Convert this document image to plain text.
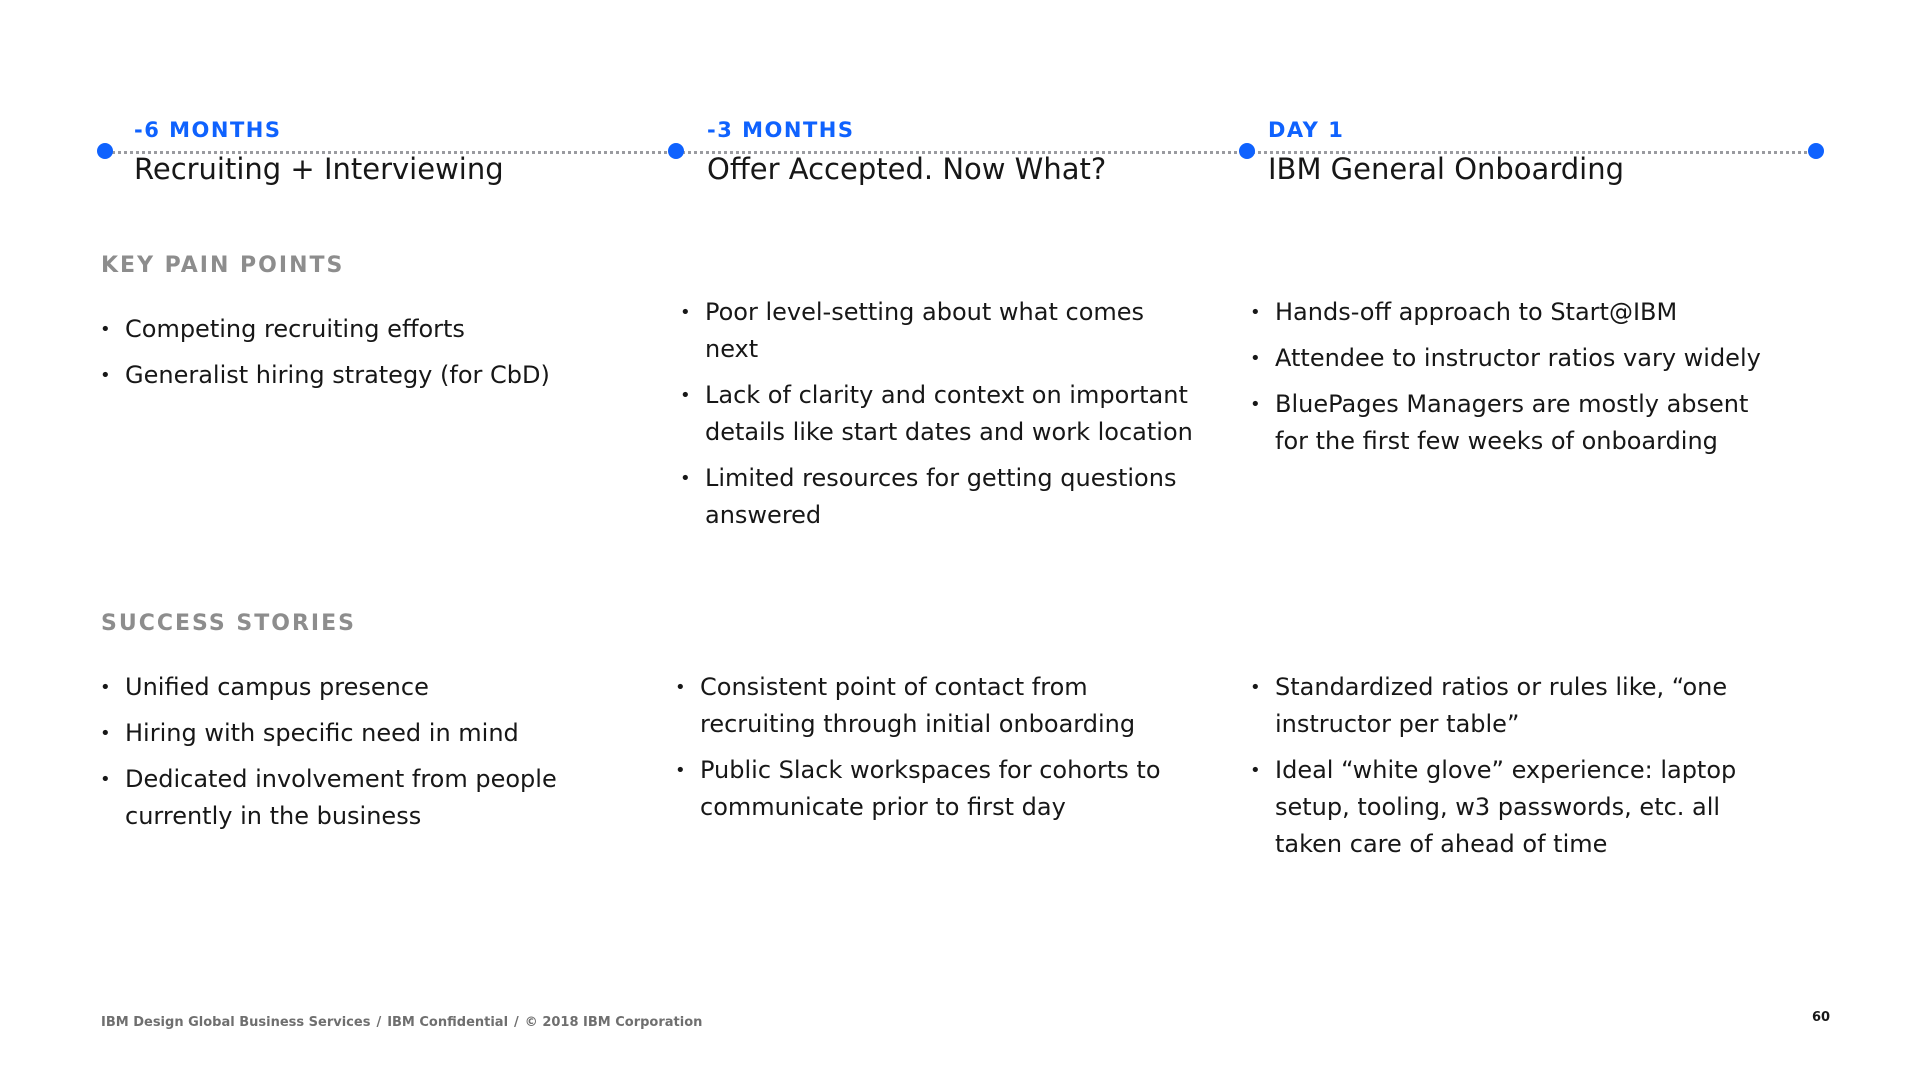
-6 MONTHS
Recruiting + Interviewing
-3 MONTHS
Offer Accepted. Now What?
DAY 1
IBM General Onboarding
KEY PAIN POINTS
• Competing recruiting efforts
• Generalist hiring strategy (for CbD)
• Poor level-setting about what comes next
• Lack of clarity and context on important details like start dates and work location
• Limited resources for getting questions answered
• Hands-off approach to Start@IBM
• Attendee to instructor ratios vary widely
• BluePages Managers are mostly absent for the first few weeks of onboarding
SUCCESS STORIES
• Unified campus presence
• Hiring with specific need in mind
• Dedicated involvement from people currently in the business
• Consistent point of contact from recruiting through initial onboarding
• Public Slack workspaces for cohorts to communicate prior to first day
• Standardized ratios or rules like, “one instructor per table”
• Ideal “white glove” experience: laptop setup, tooling, w3 passwords, etc. all taken care of ahead of time
IBM Design Global Business Services / IBM Confidential / © 2018 IBM Corporation	60
